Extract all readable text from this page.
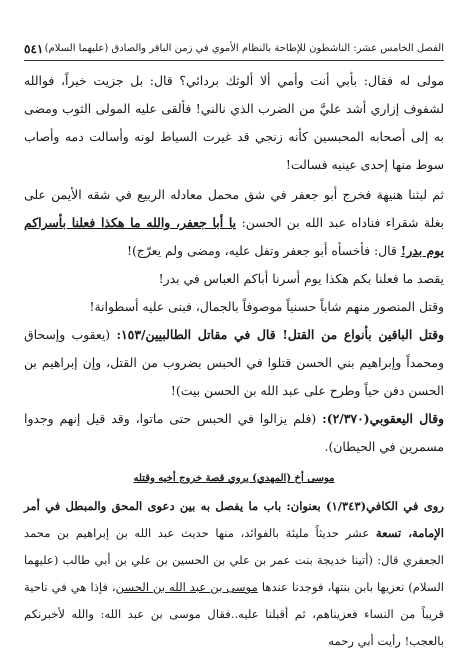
الفصل الخامس عشر: الناشطون للإطاحة بالنظام الأموي في زمن الباقر والصادق (عليهما السلام)
٥٤١

مولى له فقال: بأبي أنت وأمي ألا ألوثك بردائي؟ قال: بل جزيت خيراً، فوالله لشفوف إزاري أشد عليَّ من الضرب الذي نالني! فألقى عليه المولى الثوب ومضى به إلى أصحابه المحبسين كأنه زنجي قد غيرت السياط لونه وأسالت دمه وأصاب سوط منها إحدى عينيه فسالت!

ثم لبثنا هنيهة فخرج أبو جعفر في شق محمل معادله الربيع في شقه الأيمن على بغلة شقراء فناداه عبد الله بن الحسن: يا أبا جعفر، والله ما هكذا فعلنا بأسراكم يوم بدر! قال: فأخسأه أبو جعفر وتفل عليه، ومضى ولم يعرّج)!

يقصد ما فعلنا بكم هكذا يوم أسرنا أباكم العباس في بدر!

وقتل المنصور منهم شاباً حسنياً موصوفاً بالجمال، فبنى عليه أسطوانة!

وقتل الباقين بأنواع من القتل! قال في مقاتل الطالبيين/١٥٣: (يعقوب وإسحاق ومحمداً وإبراهيم بني الحسن قتلوا في الحبس بضروب من القتل، وإن إبراهيم بن الحسن دفن حياً وطرح على عبد الله بن الحسن بيت)!

وقال اليعقوبي(٢/٣٧٠): (فلم يزالوا في الحبس حتى ماتوا، وقد قيل إنهم وجدوا مسمرين في الحيطان).

موسى أخ (المهدي) يروي قصة خروج أخيه وقتله

روى في الكافي(١/٣٤٣) بعنوان: باب ما يفصل به بين دعوى المحق والمبطل في أمر الإمامة، تسعة عشر حديثاً مليئة بالفوائد، منها حديث عبد الله بن إبراهيم بن محمد الجعفري قال: (أتينا خديجة بنت عمر بن علي بن الحسين بن علي بن أبي طالب (عليهما السلام) نعزيها بابن بنتها، فوجدنا عندها موسى بن عبد الله بن الحسن، فإذا هي في ناحية قريباً من النساء فعزيناهم، ثم أقبلنا عليه..فقال موسى بن عبد الله: والله لأخبرنكم بالعجب! رأيت أبي رحمه
